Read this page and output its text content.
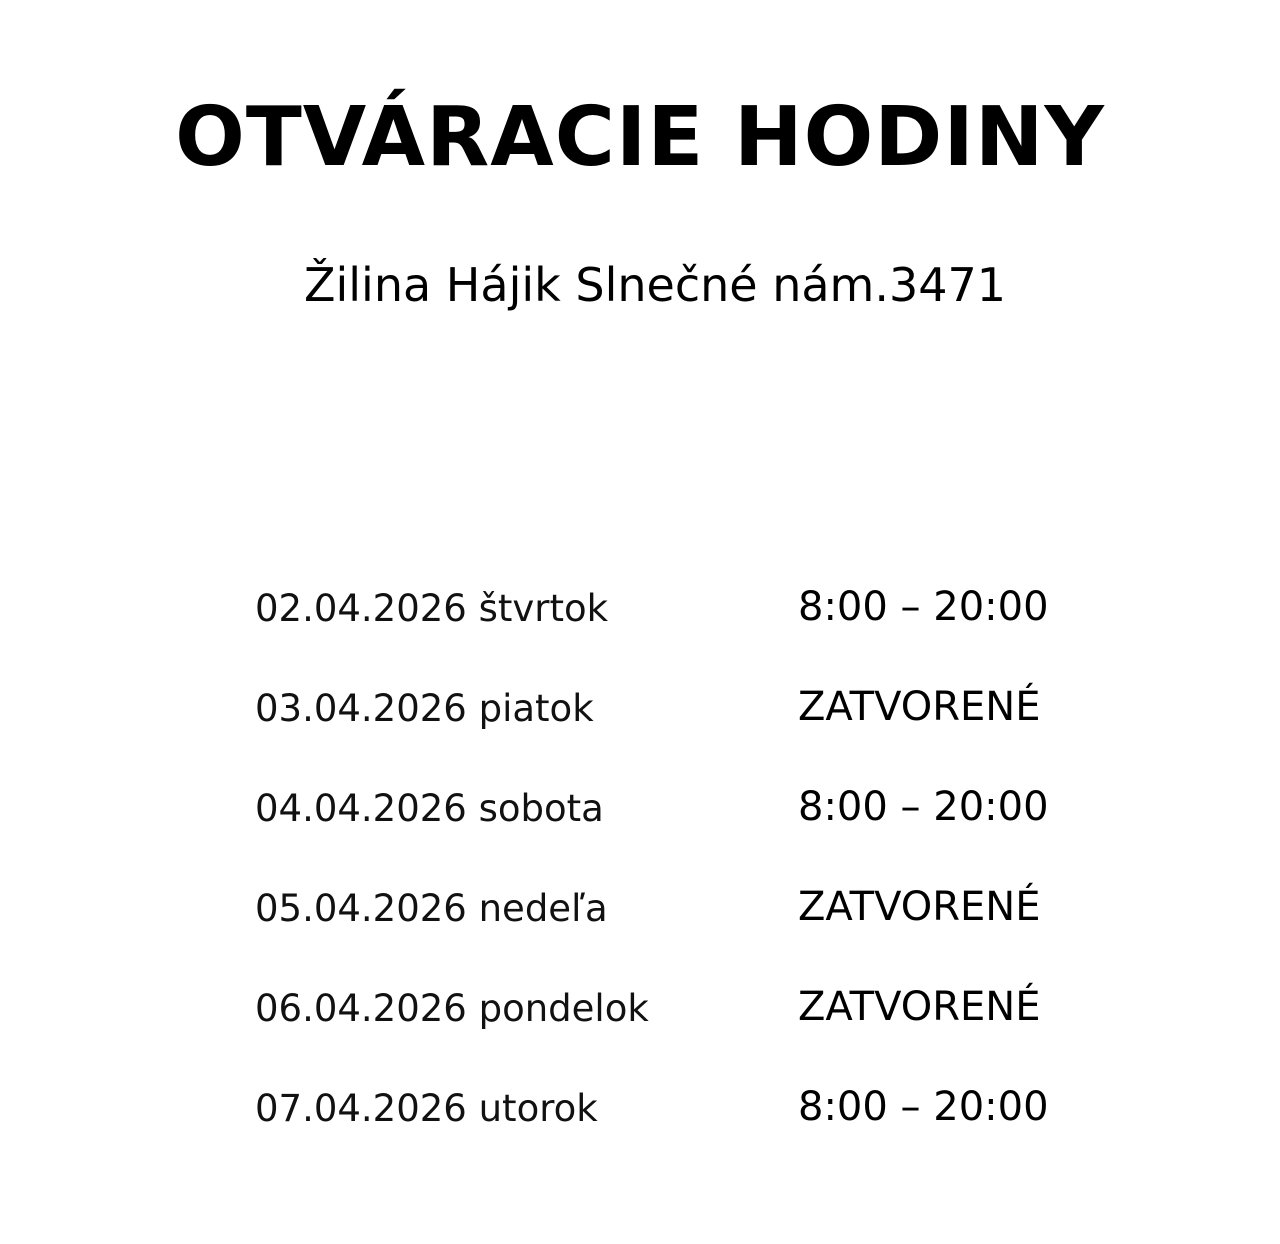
OTVÁRACIE HODINY

Žilina Hájik Slnečné nám.3471

02.04.2026 štvrtok	8:00 – 20:00
03.04.2026 piatok	ZATVORENÉ
04.04.2026 sobota	8:00 – 20:00
05.04.2026 nedeľa	ZATVORENÉ
06.04.2026 pondelok	ZATVORENÉ
07.04.2026 utorok	8:00 – 20:00
